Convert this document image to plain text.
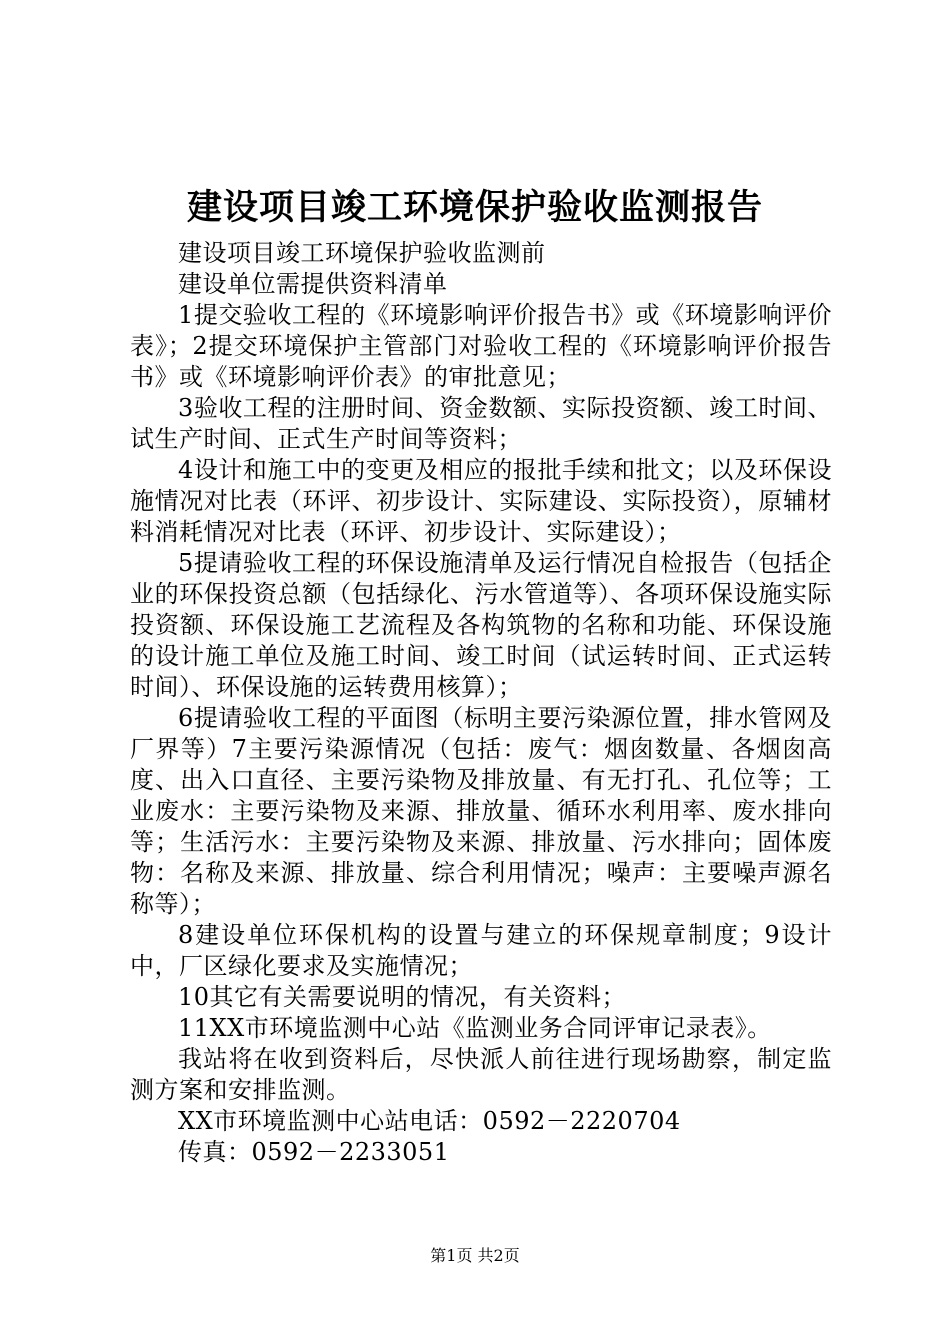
建设项目竣工环境保护验收监测报告

建设项目竣工环境保护验收监测前

建设单位需提供资料清单

1提交验收工程的《环境影响评价报告书》或《环境影响评价表》；2提交环境保护主管部门对验收工程的《环境影响评价报告书》或《环境影响评价表》的审批意见；

3验收工程的注册时间、资金数额、实际投资额、竣工时间、试生产时间、正式生产时间等资料；

4设计和施工中的变更及相应的报批手续和批文；以及环保设施情况对比表（环评、初步设计、实际建设、实际投资），原辅材料消耗情况对比表（环评、初步设计、实际建设）；

5提请验收工程的环保设施清单及运行情况自检报告（包括企业的环保投资总额（包括绿化、污水管道等）、各项环保设施实际投资额、环保设施工艺流程及各构筑物的名称和功能、环保设施的设计施工单位及施工时间、竣工时间（试运转时间、正式运转时间）、环保设施的运转费用核算）；

6提请验收工程的平面图（标明主要污染源位置，排水管网及厂界等）7主要污染源情况（包括：废气：烟囱数量、各烟囱高度、出入口直径、主要污染物及排放量、有无打孔、孔位等；工业废水：主要污染物及来源、排放量、循环水利用率、废水排向等；生活污水：主要污染物及来源、排放量、污水排向；固体废物：名称及来源、排放量、综合利用情况；噪声：主要噪声源名称等）；

8建设单位环保机构的设置与建立的环保规章制度；9设计中，厂区绿化要求及实施情况；

10其它有关需要说明的情况，有关资料；

11XX市环境监测中心站《监测业务合同评审记录表》。

我站将在收到资料后，尽快派人前往进行现场勘察，制定监测方案和安排监测。

XX市环境监测中心站电话：0592－2220704

传真：0592－2233051

第1页 共2页
